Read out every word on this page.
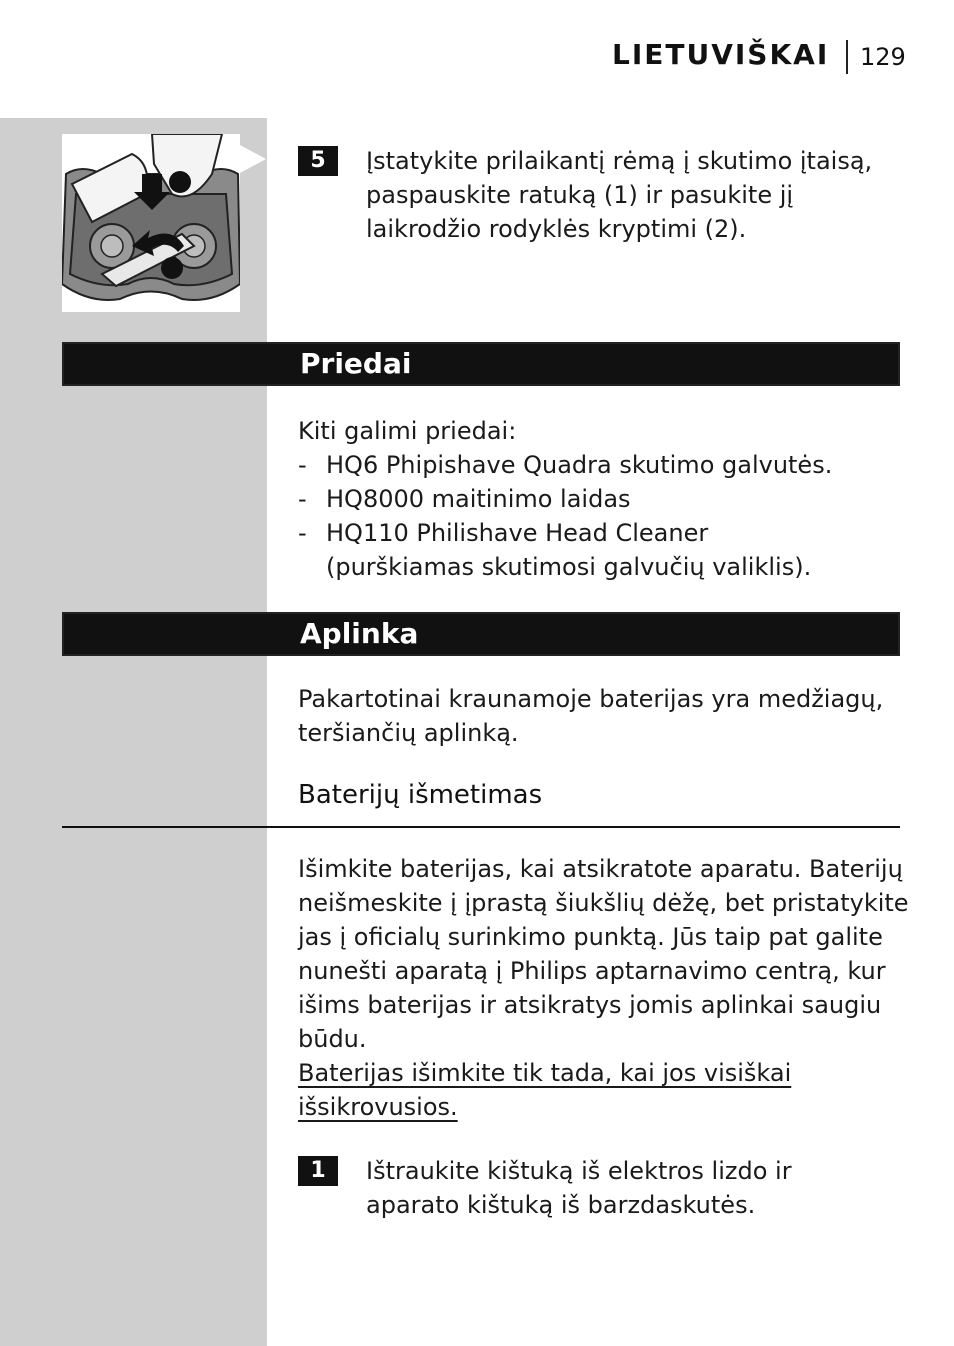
LIETUVIŠKAI	129
5	Įstatykite prilaikantį rėmą į skutimo įtaisą,
paspauskite ratuką (1) ir pasukite jį
laikrodžio rodyklės kryptimi (2).
Priedai
Kiti galimi priedai:
- HQ6 Phipishave Quadra skutimo galvutės.
- HQ8000 maitinimo laidas
- HQ110 Philishave Head Cleaner
(purškiamas skutimosi galvučių valiklis).
Aplinka
Pakartotinai kraunamoje baterijas yra medžiagų,
teršiančių aplinką.
Baterijų išmetimas
Išimkite baterijas, kai atsikratote aparatu. Baterijų
neišmeskite į įprastą šiukšlių dėžę, bet pristatykite
jas į oficialų surinkimo punktą. Jūs taip pat galite
nunešti aparatą į Philips aptarnavimo centrą, kur
išims baterijas ir atsikratys jomis aplinkai saugiu
būdu.
Baterijas išimkite tik tada, kai jos visiškai
išsikrovusios.
1	Ištraukite kištuką iš elektros lizdo ir
aparato kištuką iš barzdaskutės.
